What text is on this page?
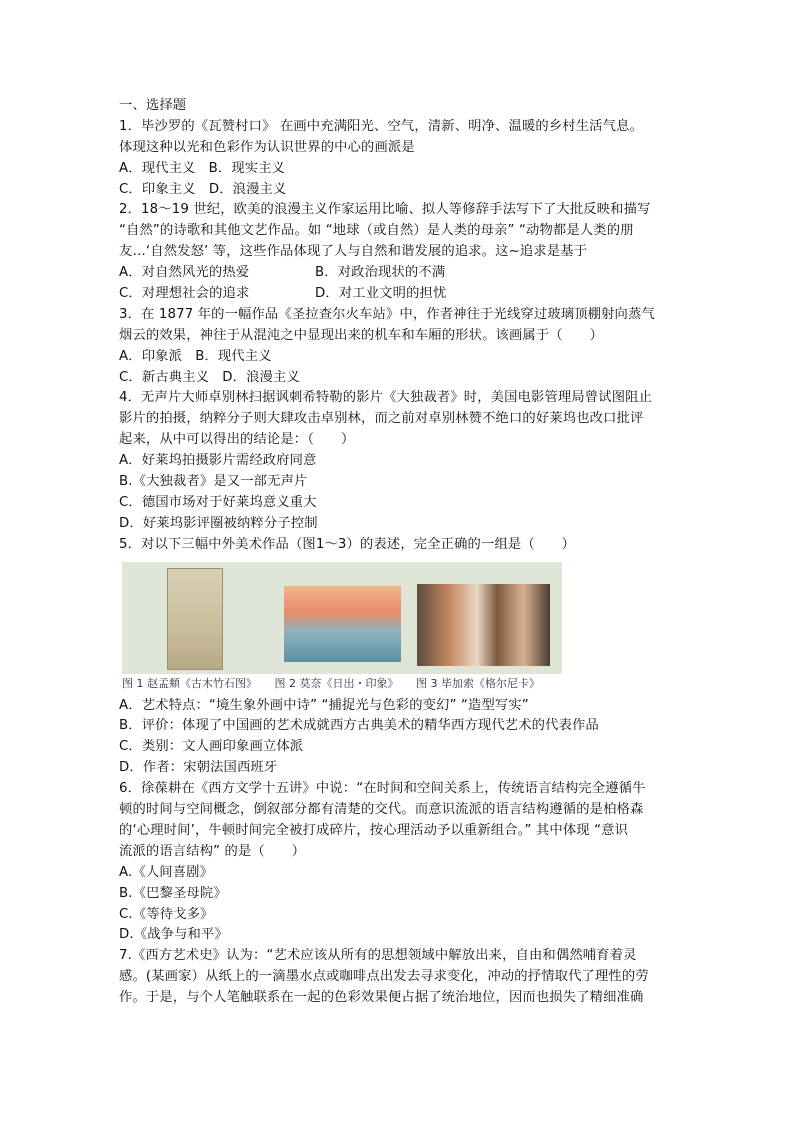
一、选择题
1．毕沙罗的《瓦赞村口》 在画中充满阳光、空气，清新、明净、温暖的乡村生活气息。
体现这种以光和色彩作为认识世界的中心的画派是
A．现代主义 B．现实主义
C．印象主义 D．浪漫主义
2．18～19 世纪，欧美的浪漫主义作家运用比喻、拟人等修辞手法写下了大批反映和描写
“自然”的诗歌和其他文艺作品。如 “地球（或自然）是人类的母亲” “动物都是人类的朋
友…‘自然发怒’ 等，这些作品体现了人与自然和谐发展的追求。这~追求是基于
A．对自然风光的热爱	B．对政治现状的不满
C．对理想社会的追求	D．对工业文明的担忧
3．在 1877 年的一幅作品《圣拉查尔火车站》中，作者神往于光线穿过玻璃顶棚射向蒸气
烟云的效果，神往于从混沌之中显现出来的机车和车厢的形状。该画属于（　　）
A．印象派 B．现代主义
C．新古典主义 D．浪漫主义
4．无声片大师卓别林扫据讽刺希特勒的影片《大独裁者》时，美国电影管理局曾试图阻止
影片的拍摄，纳粹分子则大肆攻击卓别林，而之前对卓别林赞不绝口的好莱坞也改口批评
起来，从中可以得出的结论是：（　　）
A．好莱坞拍摄影片需经政府同意
B.《大独裁者》是又一部无声片
C．德国市场对于好莱坞意义重大
D．好莱坞影评圈被纳粹分子控制
5．对以下三幅中外美术作品（图1～3）的表述，完全正确的一组是（　　）
图 1 赵孟頫《古木竹石图》 图 2 莫奈《日出・印象》 图 3 毕加索《格尔尼卡》
A．艺术特点：“境生象外画中诗” “捕捉光与色彩的变幻” “造型写实”
B．评价：体现了中国画的艺术成就西方古典美术的精华西方现代艺术的代表作品
C．类别：文人画印象画立体派
D．作者：宋朝法国西班牙
6．徐葆耕在《西方文学十五讲》中说：“在时间和空间关系上，传统语言结构完全遵循牛
顿的时间与空间概念，倒叙部分都有清楚的交代。而意识流派的语言结构遵循的是柏格森
的‘心理时间’，牛顿时间完全被打成碎片，按心理活动予以重新组合。” 其中体现 “意识
流派的语言结构” 的是（　　）
A.《人间喜剧》
B.《巴黎圣母院》
C.《等待戈多》
D.《战争与和平》
7.《西方艺术史》认为：“艺术应该从所有的思想领域中解放出来，自由和偶然哺育着灵
感。(某画家）从纸上的一滴墨水点或咖啡点出发去寻求变化，冲动的抒情取代了理性的劳
作。于是，与个人笔触联系在一起的色彩效果便占据了统治地位，因而也损失了精细准确
